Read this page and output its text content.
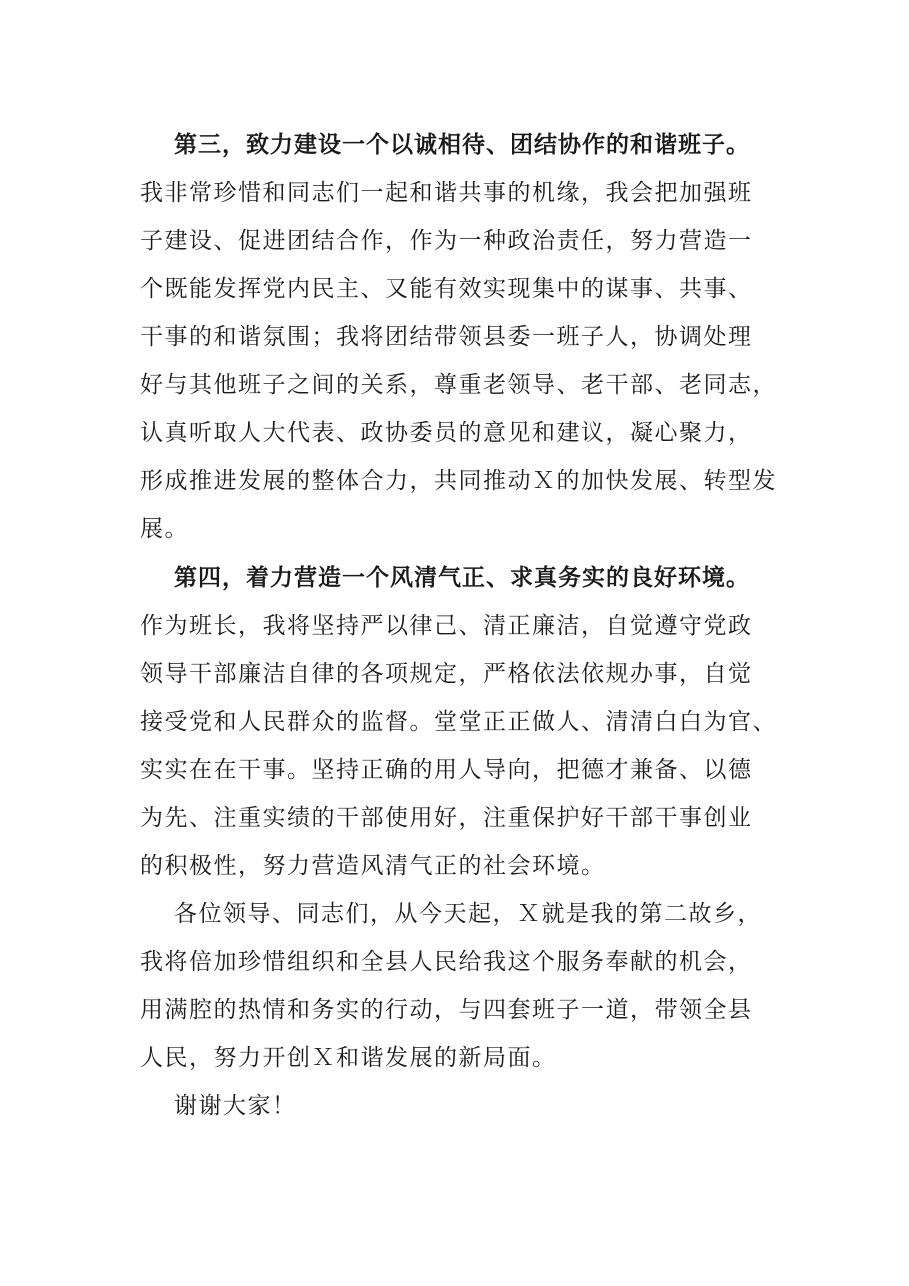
第三，致力建设一个以诚相待、团结协作的和谐班子。
我非常珍惜和同志们一起和谐共事的机缘，我会把加强班
子建设、促进团结合作，作为一种政治责任，努力营造一
个既能发挥党内民主、又能有效实现集中的谋事、共事、
干事的和谐氛围；我将团结带领县委一班子人，协调处理
好与其他班子之间的关系，尊重老领导、老干部、老同志，
认真听取人大代表、政协委员的意见和建议，凝心聚力，
形成推进发展的整体合力，共同推动Ｘ的加快发展、转型发
展。
第四，着力营造一个风清气正、求真务实的良好环境。
作为班长，我将坚持严以律己、清正廉洁，自觉遵守党政
领导干部廉洁自律的各项规定，严格依法依规办事，自觉
接受党和人民群众的监督。堂堂正正做人、清清白白为官、
实实在在干事。坚持正确的用人导向，把德才兼备、以德
为先、注重实绩的干部使用好，注重保护好干部干事创业
的积极性，努力营造风清气正的社会环境。
各位领导、同志们，从今天起，Ｘ就是我的第二故乡，
我将倍加珍惜组织和全县人民给我这个服务奉献的机会，
用满腔的热情和务实的行动，与四套班子一道，带领全县
人民，努力开创Ｘ和谐发展的新局面。
谢谢大家！
